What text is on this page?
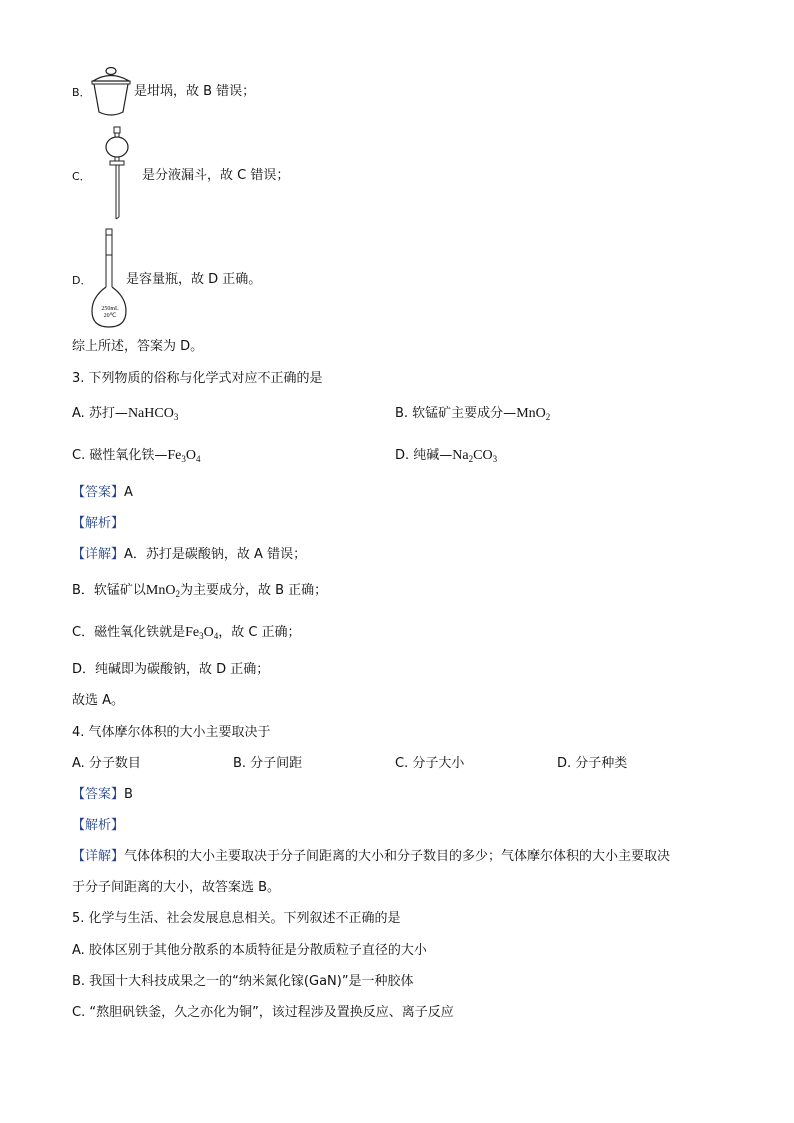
B．	是坩埚，故 B 错误；
C．	是分液漏斗，故 C 错误；
D．
250mL
20℃
是容量瓶，故 D 正确。
综上所述，答案为 D。
3. 下列物质的俗称与化学式对应不正确的是
A. 苏打—NaHCO$_3$	B. 软锰矿主要成分—MnO$_2$
C. 磁性氧化铁$—Fe_3O_4$	D. 纯碱$—Na_2CO_3$
【答案】A
【解析】
【详解】A．苏打是碳酸钠，故 A 错误；
B．软锰矿以MnO$_2$为主要成分，故 B 正确；
C．磁性氧化铁就是$Fe_3O_4$，故 C 正确；
D．纯碱即为碳酸钠，故 D 正确；
故选 A。
4. 气体摩尔体积的大小主要取决于
A. 分子数目	B. 分子间距	C. 分子大小	D. 分子种类
【答案】B
【解析】
【详解】气体体积的大小主要取决于分子间距离的大小和分子数目的多少；气体摩尔体积的大小主要取决
于分子间距离的大小，故答案选 B。
5. 化学与生活、社会发展息息相关。下列叙述不正确的是
A. 胶体区别于其他分散系的本质特征是分散质粒子直径的大小
B. 我国十大科技成果之一的“纳米氮化镓(GaN)”是一种胶体
C. “熬胆矾铁釜，久之亦化为铜”，该过程涉及置换反应、离子反应
